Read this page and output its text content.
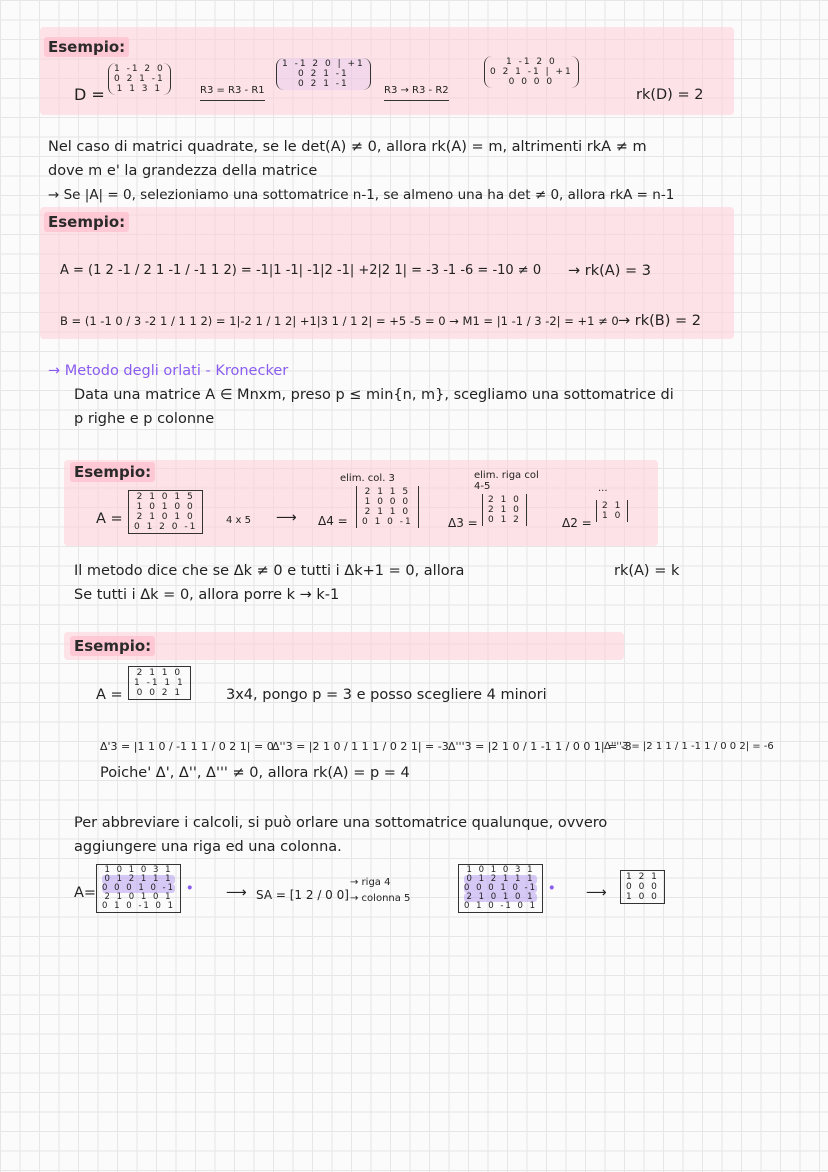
Esempio:
D =
1 -1 2 0
0 2 1 -1
1 1 3 1	R3 = R3 - R1
1 -1 2 0 | +1
0 2 1 -1
0 2 1 -1
R3 → R3 - R2
1 -1 2 0
0 2 1 -1 | +1
0 0 0 0
rk(D) = 2
Nel caso di matrici quadrate, se le det(A) ≠ 0, allora rk(A) = m, altrimenti rkA ≠ m
dove m e' la grandezza della matrice
→ Se |A| = 0, selezioniamo una sottomatrice n-1, se almeno una ha det ≠ 0, allora rkA = n-1
Esempio:
A = (1 2 -1 / 2 1 -1 / -1 1 2) = -1|1 -1| -1|2 -1| +2|2 1| = -3 -1 -6 = -10 ≠ 0 → rk(A) = 3
B = (1 -1 0 / 3 -2 1 / 1 1 2) = 1|-2 1 / 1 2| +1|3 1 / 1 2| = +5 -5 = 0 → M1 = |1 -1 / 3 -2| = +1 ≠ 0 → rk(B) = 2
→ Metodo degli orlati - Kronecker
Data una matrice A ∈ Mnxm, preso p ≤ min{n, m}, scegliamo una sottomatrice di
p righe e p colonne
Esempio:
A =
2 1 0 1 5
1 0 1 0 0
2 1 0 1 0
0 1 2 0 -1
4 x 5 ⟶
elim. col. 3
Δ4 =
2 1 1 5
1 0 0 0
2 1 1 0
0 1 0 -1
elim. riga col 4-5
Δ3 =
2 1 0
2 1 0
0 1 2
...
Δ2 =
2 1
1 0
Il metodo dice che se Δk ≠ 0 e tutti i Δk+1 = 0, allora	rk(A) = k
Se tutti i Δk = 0, allora porre k → k-1
Esempio:
A =
2 1 1 0
1 -1 1 1
0 0 2 1	3x4, pongo p = 3 e posso scegliere 4 minori
Δ'3 = |1 1 0 / -1 1 1 / 0 2 1| = 0
Δ''3 = |2 1 0 / 1 1 1 / 0 2 1| = -3 Δ'''3 = |2 1 0 / 1 -1 1 / 0 0 1| = -3
Δ''''3 = |2 1 1 / 1 -1 1 / 0 0 2| = -6
Poiche' Δ', Δ'', Δ''' ≠ 0, allora rk(A) = p = 4
Per abbreviare i calcoli, si può orlare una sottomatrice qualunque, ovvero
aggiungere una riga ed una colonna.
A=
1 0 1 0 3 1
0 1 2 1 1 1
0 0 0 1 0 -1
2 1 0 1 0 1
0 1 0 -1 0 1
• ⟶ SA = [1 2 / 0 0]
→ riga 4
→ colonna 5
1 0 1 0 3 1
0 1 2 1 1 1
0 0 0 1 0 -1
2 1 0 1 0 1
0 1 0 -1 0 1
• ⟶
1 2 1
0 0 0
1 0 0
